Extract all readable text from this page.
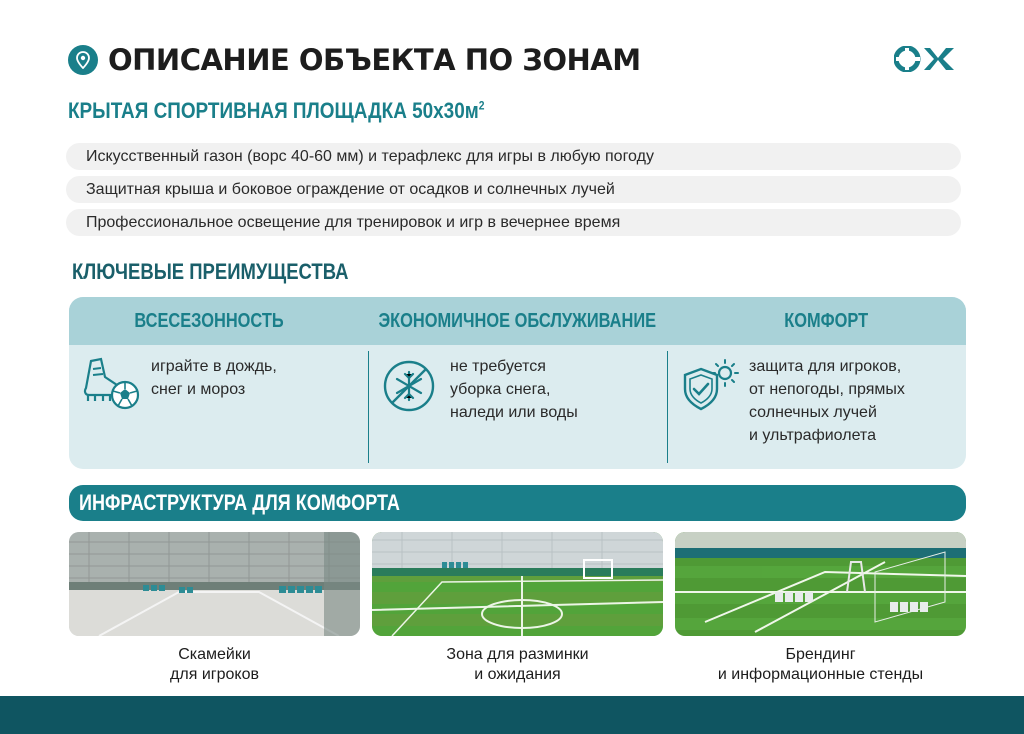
ОПИСАНИЕ ОБЪЕКТА ПО ЗОНАМ
КРЫТАЯ СПОРТИВНАЯ ПЛОЩАДКА $50х30м^2$
Искусственный газон (ворс 40-60 мм) и терафлекс для игры в любую погоду
Защитная крыша и боковое ограждение от осадков и солнечных лучей
Профессиональное освещение для тренировок и игр в вечернее время
КЛЮЧЕВЫЕ ПРЕИМУЩЕСТВА
ВСЕСЕЗОННОСТЬ	ЭКОНОМИЧНОЕ ОБСЛУЖИВАНИЕ	КОМФОРТ
играйте в дождь,
снег и мороз
не требуется
уборка снега,
наледи или воды
защита для игроков,
от непогоды, прямых
солнечных лучей
и ультрафиолета
ИНФРАСТРУКТУРА ДЛЯ КОМФОРТА
Скамейки
для игроков
Зона для разминки
и ожидания
Брендинг
и информационные стенды
